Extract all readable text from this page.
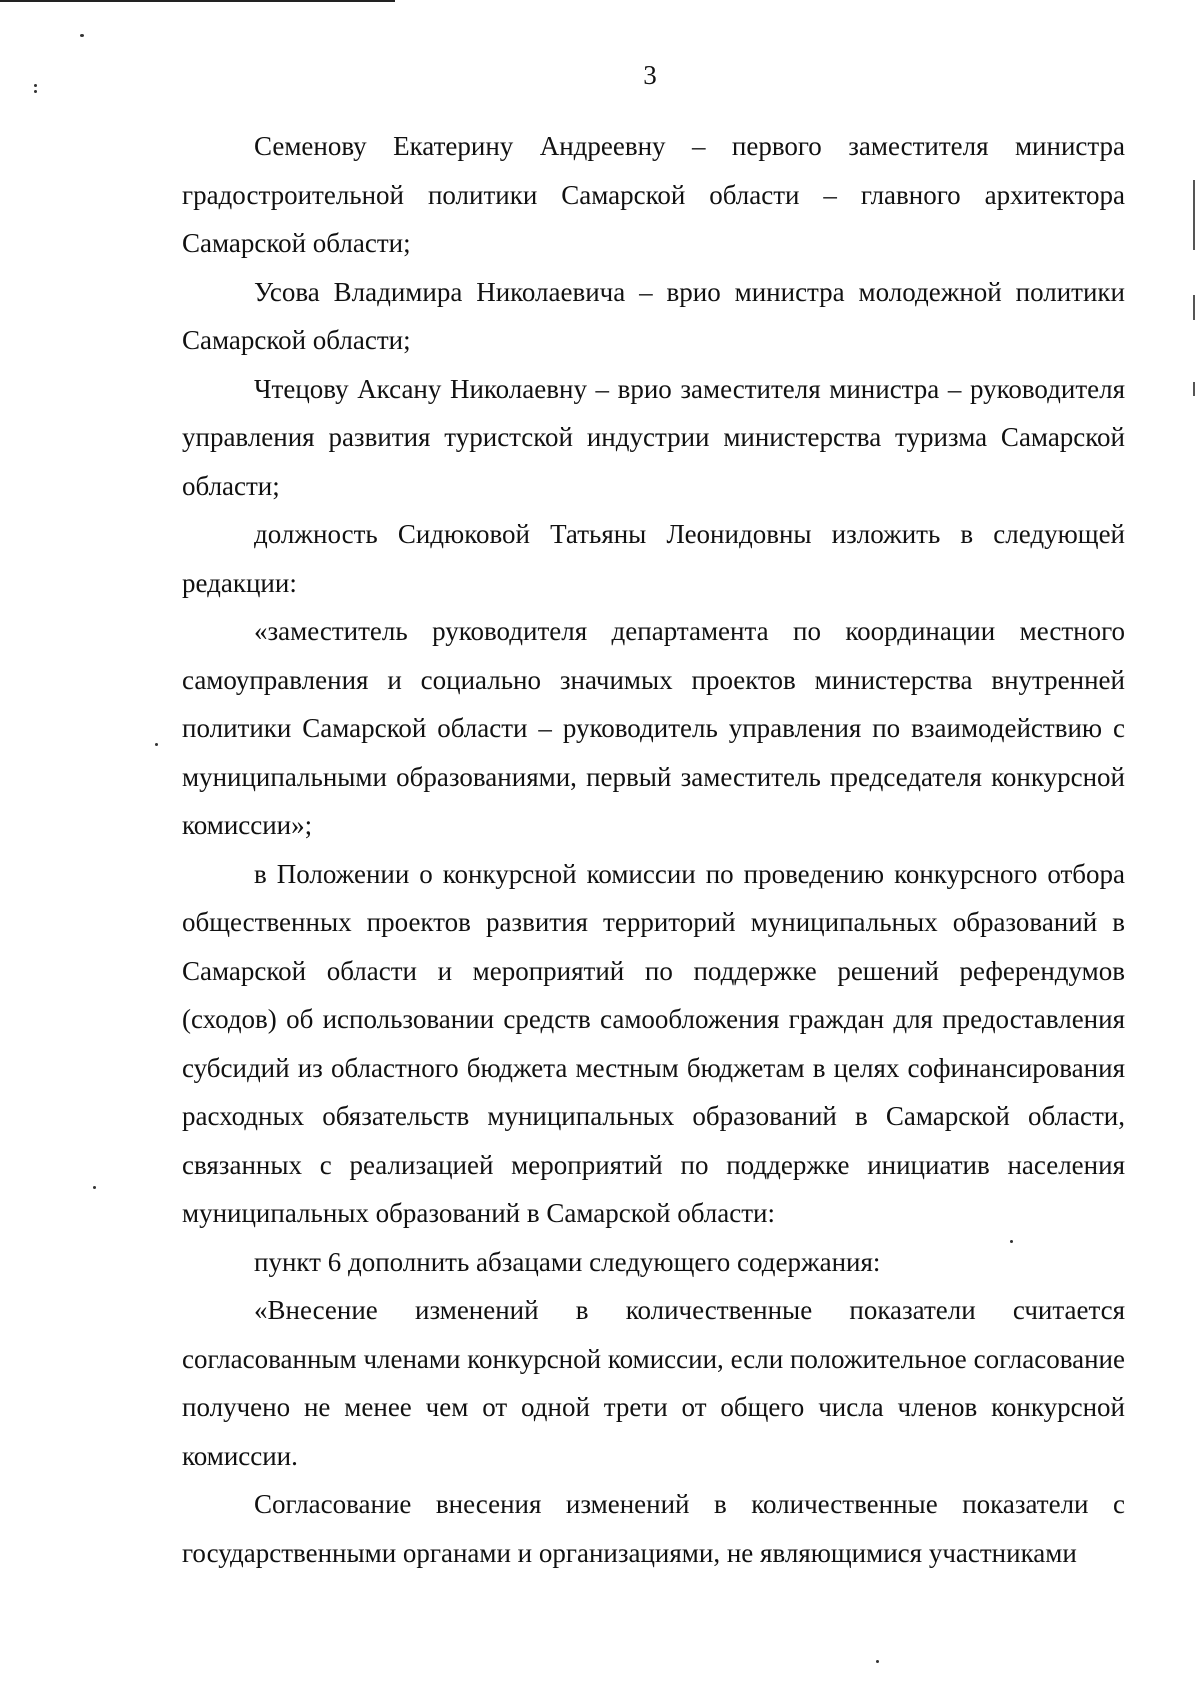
3

Семенову Екатерину Андреевну – первого заместителя министра градостроительной политики Самарской области – главного архитектора Самарской области;

Усова Владимира Николаевича – врио министра молодежной политики Самарской области;

Чтецову Аксану Николаевну – врио заместителя министра – руководителя управления развития туристской индустрии министерства туризма Самарской области;

должность Сидюковой Татьяны Леонидовны изложить в следующей редакции:

«заместитель руководителя департамента по координации местного самоуправления и социально значимых проектов министерства внутренней политики Самарской области – руководитель управления по взаимодействию с муниципальными образованиями, первый заместитель председателя конкурсной комиссии»;

в Положении о конкурсной комиссии по проведению конкурсного отбора общественных проектов развития территорий муниципальных образований в Самарской области и мероприятий по поддержке решений референдумов (сходов) об использовании средств самообложения граждан для предоставления субсидий из областного бюджета местным бюджетам в целях софинансирования расходных обязательств муниципальных образований в Самарской области, связанных с реализацией мероприятий по поддержке инициатив населения муниципальных образований в Самарской области:

пункт 6 дополнить абзацами следующего содержания:

«Внесение изменений в количественные показатели считается согласованным членами конкурсной комиссии, если положительное согласование получено не менее чем от одной трети от общего числа членов конкурсной комиссии.

Согласование внесения изменений в количественные показатели с государственными органами и организациями, не являющимися участниками
